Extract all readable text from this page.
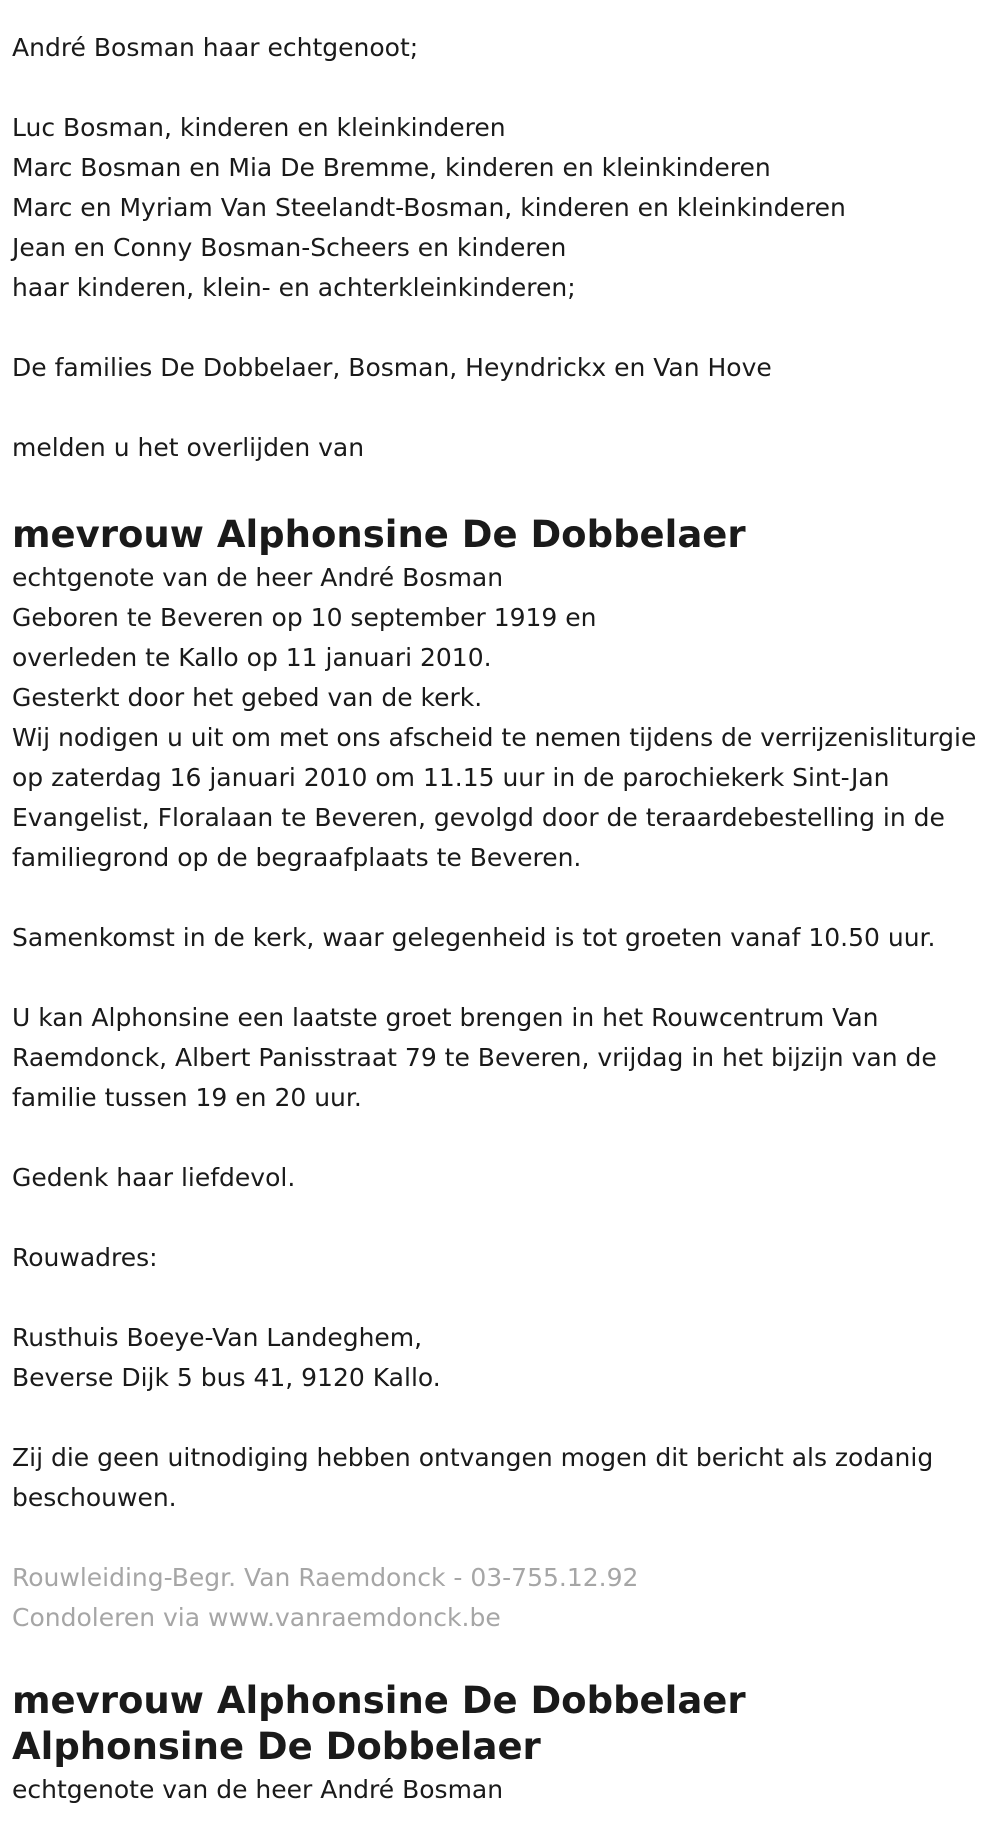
André Bosman haar echtgenoot;

Luc Bosman, kinderen en kleinkinderen

Marc Bosman en Mia De Bremme, kinderen en kleinkinderen

Marc en Myriam Van Steelandt-Bosman, kinderen en kleinkinderen

Jean en Conny Bosman-Scheers en kinderen

haar kinderen, klein- en achterkleinkinderen;

De families De Dobbelaer, Bosman, Heyndrickx en Van Hove

melden u het overlijden van

mevrouw Alphonsine De Dobbelaer

echtgenote van de heer André Bosman

Geboren te Beveren op 10 september 1919 en

overleden te Kallo op 11 januari 2010.

Gesterkt door het gebed van de kerk.

Wij nodigen u uit om met ons afscheid te nemen tijdens de verrijzenisliturgie op zaterdag 16 januari 2010 om 11.15 uur in de parochiekerk Sint-Jan Evangelist, Floralaan te Beveren, gevolgd door de teraardebestelling in de familiegrond op de begraafplaats te Beveren.

Samenkomst in de kerk, waar gelegenheid is tot groeten vanaf 10.50 uur.

U kan Alphonsine een laatste groet brengen in het Rouwcentrum Van Raemdonck, Albert Panisstraat 79 te Beveren, vrijdag in het bijzijn van de familie tussen 19 en 20 uur.

Gedenk haar liefdevol.

Rouwadres:

Rusthuis Boeye-Van Landeghem,

Beverse Dijk 5 bus 41, 9120 Kallo.

Zij die geen uitnodiging hebben ontvangen mogen dit bericht als zodanig beschouwen.

Rouwleiding-Begr. Van Raemdonck - 03-755.12.92

Condoleren via www.vanraemdonck.be

mevrouw Alphonsine De Dobbelaer Alphonsine De Dobbelaer

echtgenote van de heer André Bosman
